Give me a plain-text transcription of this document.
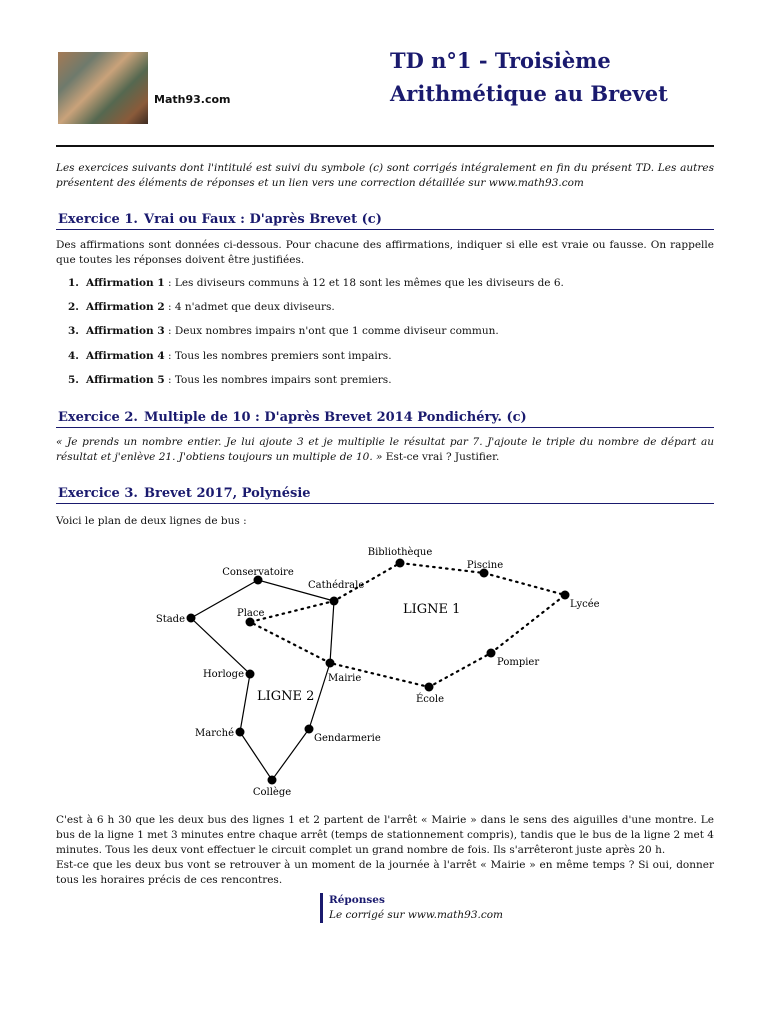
Math93.com
TD n°1 - Troisième
Arithmétique au Brevet
Les exercices suivants dont l'intitulé est suivi du symbole (c) sont corrigés intégralement en fin du présent TD. Les autres présentent des éléments de réponses et un lien vers une correction détaillée sur www.math93.com
Exercice 1. Vrai ou Faux : D'après Brevet (c)
Des affirmations sont données ci-dessous. Pour chacune des affirmations, indiquer si elle est vraie ou fausse. On rappelle que toutes les réponses doivent être justifiées.
1. Affirmation 1 : Les diviseurs communs à 12 et 18 sont les mêmes que les diviseurs de 6.
2. Affirmation 2 : 4 n'admet que deux diviseurs.
3. Affirmation 3 : Deux nombres impairs n'ont que 1 comme diviseur commun.
4. Affirmation 4 : Tous les nombres premiers sont impairs.
5. Affirmation 5 : Tous les nombres impairs sont premiers.
Exercice 2. Multiple de 10 : D'après Brevet 2014 Pondichéry. (c)
« Je prends un nombre entier. Je lui ajoute 3 et je multiplie le résultat par 7. J'ajoute le triple du nombre de départ au résultat et j'enlève 21. J'obtiens toujours un multiple de 10. » Est-ce vrai ? Justifier.
Exercice 3. Brevet 2017, Polynésie
Voici le plan de deux lignes de bus :
Bibliothèque
Piscine
Lycée
Pompier
École
Mairie
Place
Cathédrale
Conservatoire
Stade
Horloge
Marché
Collège
Gendarmerie
LIGNE 1
LIGNE 2
C'est à 6 h 30 que les deux bus des lignes 1 et 2 partent de l'arrêt « Mairie » dans le sens des aiguilles d'une montre. Le bus de la ligne 1 met 3 minutes entre chaque arrêt (temps de stationnement compris), tandis que le bus de la ligne 2 met 4 minutes. Tous les deux vont effectuer le circuit complet un grand nombre de fois. Ils s'arrêteront juste après 20 h.
Est-ce que les deux bus vont se retrouver à un moment de la journée à l'arrêt « Mairie » en même temps ? Si oui, donner tous les horaires précis de ces rencontres.
Réponses
Le corrigé sur www.math93.com
